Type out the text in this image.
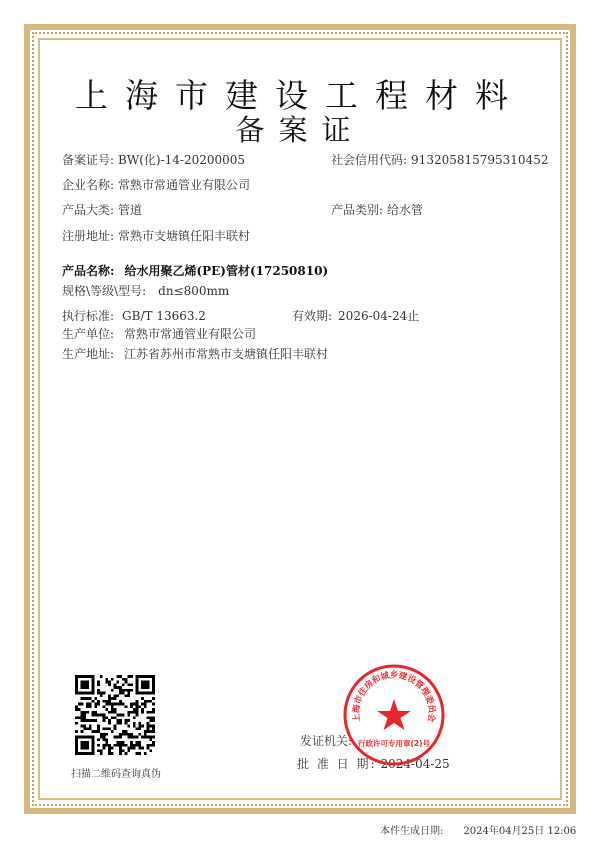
上海市建设工程材料
备案证
备案证号: BW(化)-14-20200005	社会信用代码: 913205815795310452
企业名称: 常熟市常通管业有限公司
产品大类: 管道	产品类别: 给水管
注册地址: 常熟市支塘镇任阳丰联村
产品名称: 给水用聚乙烯(PE)管材(17250810)
规格\等级\型号: dn≤800mm
执行标准: GB/T 13663.2	有效期: 2026-04-24止
生产单位: 常熟市常通管业有限公司
生产地址: 江苏省苏州市常熟市支塘镇任阳丰联村
扫描二维码查询真伪
发证机关:
批 准 日 期: 2024-04-25
上海市住房和城乡建设管理委员会
行政许可专用章(2)号
本件生成日期: 2024年04月25日 12:06
